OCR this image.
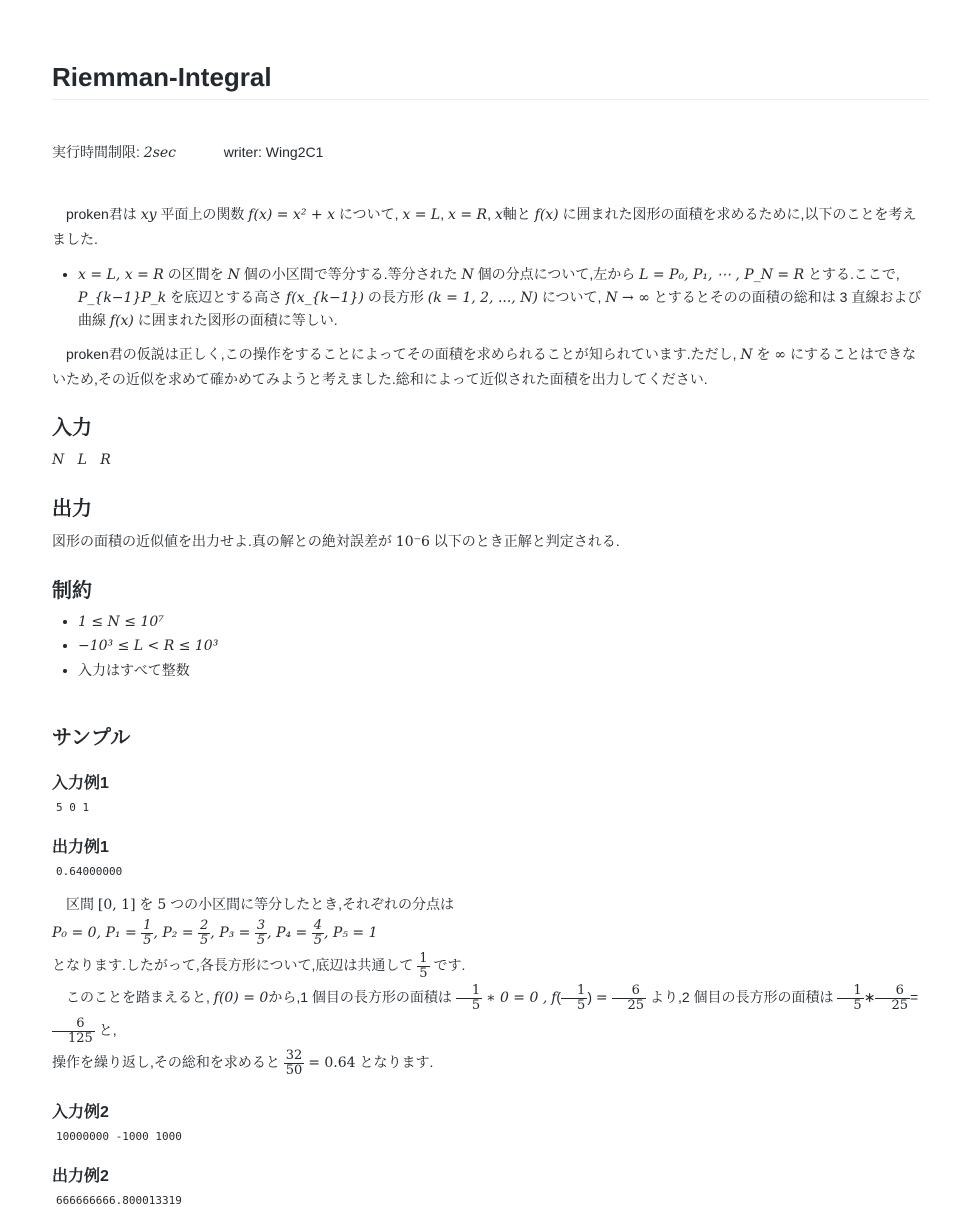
Riemman-Integral
実行時間制限: 2sec	writer: Wing2C1

proken君は xy 平面上の関数 f(x) = x² + x について, x = L, x = R, x軸と f(x) に囲まれた図形の面積を求めるために,以下のことを考えました.

• x = L, x = R の区間を N 個の小区間で等分する.等分された N 個の分点について,左から L = P₀, P₁, ⋯ , P_N = R とする.ここで, P_{k−1}P_k を底辺とする高さ f(x_{k−1}) の長方形 (k = 1, 2, ..., N) について, N → ∞ とするとそのの面積の総和は 3 直線および 曲線 f(x) に囲まれた図形の面積に等しい.

proken君の仮説は正しく,この操作をすることによってその面積を求められることが知られています.ただし, N を ∞ にすることはできないため,その近似を求めて確かめてみようと考えました.総和によって近似された面積を出力してください.

入力

N   L   R

出力

図形の面積の近似値を出力せよ.真の解との絶対誤差が 10⁻6 以下のとき正解と判定される.

制約
• 1 ≤ N ≤ 10⁷
• −10³ ≤ L < R ≤ 10³
• 入力はすべて整数
サンプル
入力例1
5 0 1
出力例1
0.64000000

区間 [0, 1] を 5 つの小区間に等分したとき,それぞれの分点は

P₀ = 0, $P_1 = \frac{1}{5}$ , $P_2 = \frac{2}{5}$ , $P_3 = \frac{3}{5}$ , $P_4 = \frac{4}{5}$ , P₅ = 1

となります.したがって,各長方形について,底辺は共通して $\frac{1}{5}$ です.

このことを踏まえると, f(0) = 0から,1 個目の長方形の面積は $\frac{1}{5}$ ∗ 0 = 0 , $f( \frac{1}{5}$ ) = $\frac{6}{25}$ より,2 個目の長方形の面積は $\frac{1}{5}$ ∗ $\frac{6}{25}$ =
$\frac{6}{125}$ と,

操作を繰り返し,その総和を求めると $\frac{32}{50} = 0.64$ となります.

入力例2
10000000 -1000 1000
出力例2
666666666.800013319
